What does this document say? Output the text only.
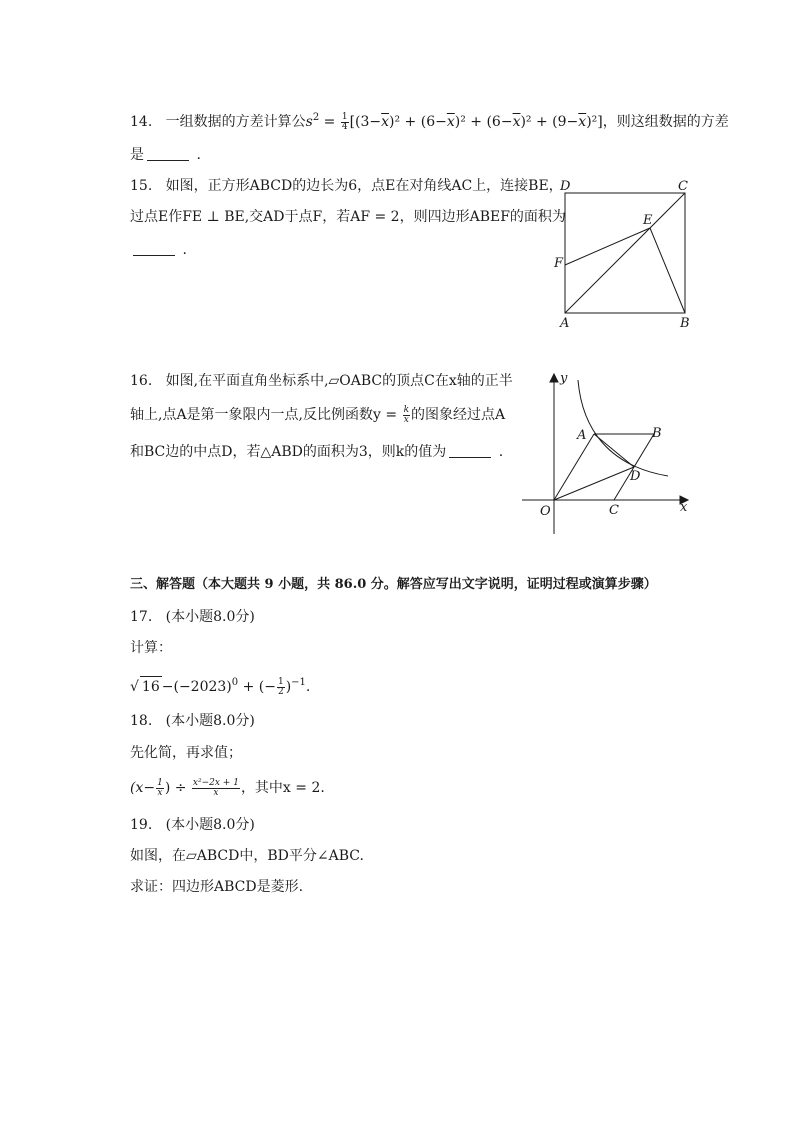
14. 一组数据的方差计算公$s^2 = \frac{1}{4} [(3-\overline{x})^2 + (6-\overline{x})^2 + (6-\overline{x})^2 + (9-\overline{x})^2]$，则这组数据的方差
是	.
15. 如图，正方形ABCD的边长为6，点E在对角线AC上，连接BE，
过点E作FE ⊥ BE,交AD于点F，若AF = 2，则四边形ABEF的面积为
.
D	C
E
F
A	B
16. 如图,在平面直角坐标系中,▱OABC的顶点C在x轴的正半
轴上,点A是第一象限内一点,反比例函数$y = \frac{k}{x}$ 的图象经过点A
和BC边的中点D，若△ABD的面积为3，则k的值为	.
y
A	B
D
O	C	x
三、解答题（本大题共 9 小题，共 86.0 分。解答应写出文字说明，证明过程或演算步骤）
17. (本小题8.0分)
计算：
√ $16 -(-2023)^0$ + (− $\frac{1}{2} )^{-1}$.
18. (本小题8.0分)
先化简，再求值；
($x- \frac{1}{x}$ ) ÷ $\frac{\text{x²−2x + 1}}{x}$ ，其中x = 2.
19. (本小题8.0分)
如图，在▱ABCD中，BD平分∠ABC.
求证：四边形ABCD是菱形.
